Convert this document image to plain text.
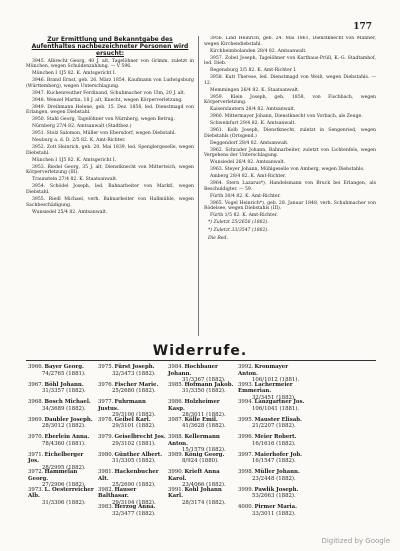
177
Zur Ermittlung und Bekanntgabe des Aufenthaltes nachbezeichneter Personen wird ersucht:
3945. Albrecht Georg, 40 J. alt, Tagelöhner von Grimm, zuletzt in München, wegen Schuldenzahlung. — V 596.
München I 1J5 82. K. Amtsgericht I.
3946. Brand Ernst, geb. 26. März 1854, Kaufmann von Ludwigsburg (Württemberg), wegen Unterschlagung.
3947. Kuchenreuther Ferdinand, Schuhmacher von Ulm, 20 J. alt.
3948. Wenzel Martin, 18 J. alt, Knecht, wegen Körperverletzung.
3949. Dreihmann Helene, geb. 15. Dez. 1858, led. Dienstmagd von Erlangen, wegen Diebstahl.
3950. Stahl Georg, Tagelöhner von Nürnberg, wegen Betrug.
Nürnberg 27/4 82. Amtsanwalt (Stadtbez.)
3951. Stolz Salomon, Müller von Ebersdorf, wegen Diebstahl.
Neuburg a. d. D. 2/5 82. K. Amt-Richter.
3952. Zott Heinrich, geb. 20. Mai 1839, led. Spenglergeselle, wegen Diebstahl.
München I 1J5 82. K. Amtsgericht I.
3953. Riedel Georg, 35 J. alt, Dienstknecht von Mitterteich, wegen Körperverletzung (III).
Traunstein 27/4 82. K. Staatsanwalt.
3954. Schödel Joseph, led. Bahnarbeiter von Marktl, wegen Diebstahl.
3955. Riedl Michael, verh. Bahnarbeiter von Hallmühle, wegen Sachbeschädigung.
Wunsiedel 25/4 82. Amtsanwalt.
3956. Lind Heinrich, geb. 24. Mai 1861, Dienstknecht von Manner, wegen Kirchendiebstahl.
Kirchheimbolanden 28/4 82. Amtsanwalt.
3957. Zobel Joseph, Tagelöhner von Karthaus-Prüll, K.-G. Stadtamhof, led. Dieb.
Regensburg 3/5 82. K. Amt-Richter I.
3958. Kutt Therese, led. Dienstmagd von Weiß, wegen Diebstahls. — 12.
Memmingen 26/4 82. K. Staatsanwalt.
3959. Klein Joseph, geb. 1858, von Fischbach, wegen Körperverletzung.
Kaiserslautern 28/4 82. Amtsanwalt.
3960. Mittermayer Johann, Dienstknecht von Vorbach, als Zeuge.
Schweinfurt 29/4 82. K. Amtsanwalt.
3961. Kolb Joseph, Dienstknecht, zuletzt in Sengenried, wegen Diebstahls (Ortsgend.)
Deggendorf 28/4 82. Amtsanwalt.
3962. Schrader Johann, Bahnarbeiter, zuletzt von Lichtenfels, wegen Vergehens der Unterschlagung.
Wunsiedel 26/4 82. Amtsanwalt.
3963. Steyer Johann, Mühlgeselle von Amberg, wegen Diebstahls.
Amberg 28/4 82. K. Amt-Richter.
3964. Stern Lazarus*), Handelsmann von Bruck bei Erlangen, als Beschuldigter. — 59.
Fürth 30/4 82. K. Amt-Richter.
3965. Vogel Heinrich*), geb. 28. Januar 1848, verh. Schuhmacher von Rödelsee, wegen Diebstahls (III).
Fürth 1/5 82. K. Amt-Richter.
*) Zuletzt 25/2656 (1882).
*) Zuletzt 33/3547 (1882).
Die Red.
Widerrufe.
3966.Bayer Georg.
74/2765 (1881).
3967.Böhl Johann.
31/3357 (1882).
3968.Bosch Michael.
34/3689 (1882).
3969.Daubler Joseph.
28/3012 (1882).
3970.Eberlein Anna.
78/4360 (1881).
3971.Eichelberger Jos.
28/2995 (1882).
3972.Hammelan Georg.
27/2906 (1882).
3973.L. Oesterreicher Alb.
31/3306 (1882).
3975.Fürst Joseph.
32/3473 (1882).
3976.Fischer Marie.
25/2680 (1882).
3977.Fuhrmann Justus.
29/3100 (1882).
3978.Geibel Karl.
29/3101 (1882).
3979.Geiselbrecht Jos.
29/3102 (1881).
3980.Günther Albert.
31/3305 (1882).
3981.Hackenbucher Alt.
25/2690 (1882).
3982.Hauser Balthasar.
29/3104 (1882).
3983.Herzog Anna.
32/3477 (1882).
3984.Hochbauer Johann.
31/3367 (1882).
3985.Hofmann Jakob.
31/3350 (1882).
3986.Holzheimer Kasp.
28/3011 (1882).
3987.Kölle Emil.
41/3628 (1882).
3988.Kellermann Anton.
15/1579 (1882).
3989.König Georg.
8/924 (1880).
3990.Krieft Anna Karol.
23/4066 (1882).
3991.Kohl Johann Karl.
28/3174 (1882).
3992.Kronmayer Anton.
106/1012 (1881).
3993.Lachermeier Emmerian.
32/3451 (1882).
3994.Lanzgartner Jos.
106/1041 (1881).
3995.Mauster Elisab.
21/2207 (1882).
3996.Meier Robert.
16/1616 (1882).
3997.Maierhofer Job.
16/1547 (1882).
3998.Müller Johann.
23/2448 (1882).
3999.Pawlik Joseph.
53/2663 (1882).
4000.Pirmer Maria.
33/3011 (1882).
Digitized by Google
